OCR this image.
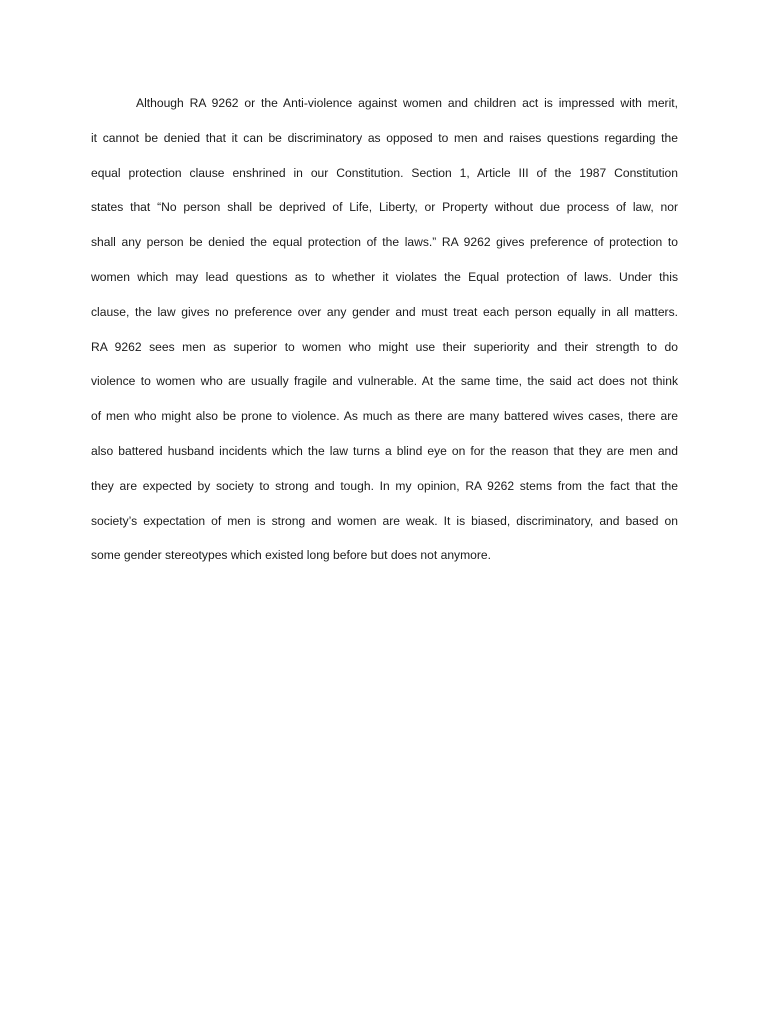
Although RA 9262 or the Anti-violence against women and children act is impressed with merit,
it cannot be denied that it can be discriminatory as opposed to men and raises questions regarding the
equal protection clause enshrined in our Constitution. Section 1, Article III of the 1987 Constitution
states that “No person shall be deprived of Life, Liberty, or Property without due process of law, nor
shall any person be denied the equal protection of the laws.” RA 9262 gives preference of protection to
women which may lead questions as to whether it violates the Equal protection of laws. Under this
clause, the law gives no preference over any gender and must treat each person equally in all matters.
RA 9262 sees men as superior to women who might use their superiority and their strength to do
violence to women who are usually fragile and vulnerable. At the same time, the said act does not think
of men who might also be prone to violence. As much as there are many battered wives cases, there are
also battered husband incidents which the law turns a blind eye on for the reason that they are men and
they are expected by society to strong and tough. In my opinion, RA 9262 stems from the fact that the
society’s expectation of men is strong and women are weak. It is biased, discriminatory, and based on
some gender stereotypes which existed long before but does not anymore.
